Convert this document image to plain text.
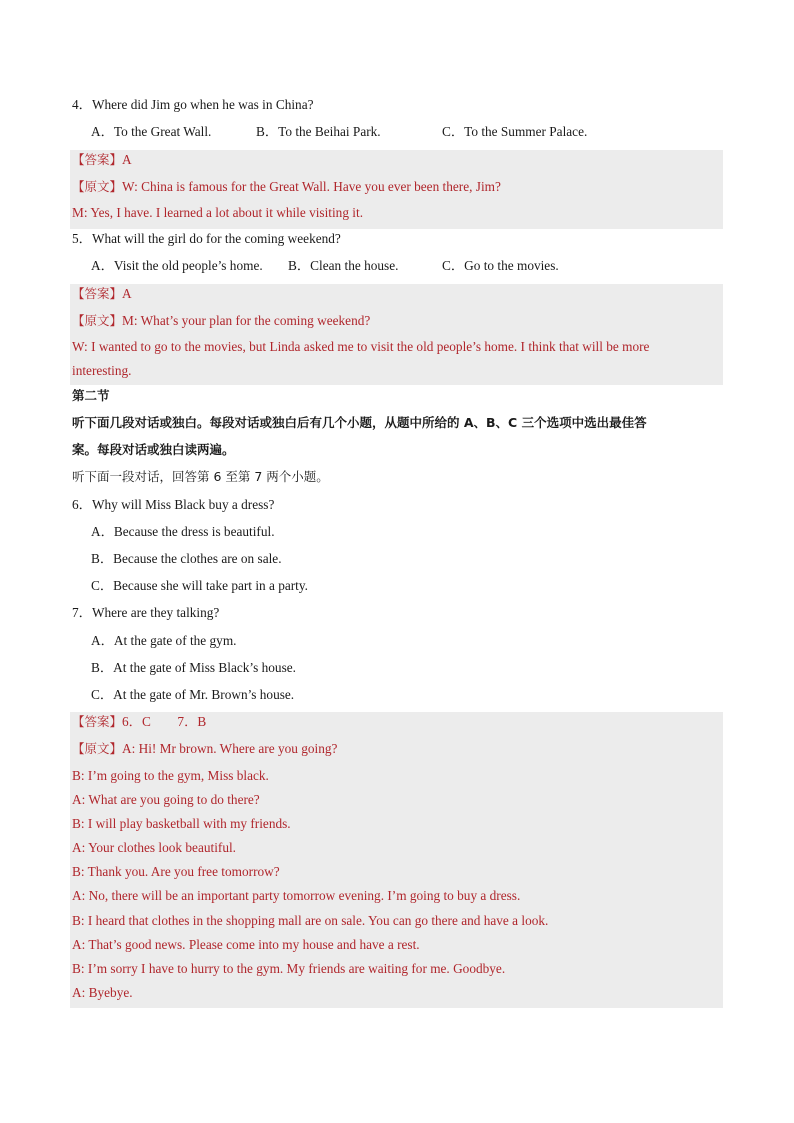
4．Where did Jim go when he was in China?
A．To the Great Wall.	B．To the Beihai Park.	C．To the Summer Palace.
【答案】A
【原文】W: China is famous for the Great Wall. Have you ever been there, Jim?
M: Yes, I have. I learned a lot about it while visiting it.
5．What will the girl do for the coming weekend?
A．Visit the old people’s home. B．Clean the house.	C．Go to the movies.
【答案】A
【原文】M: What’s your plan for the coming weekend?
W: I wanted to go to the movies, but Linda asked me to visit the old people’s home. I think that will be more
interesting.
第二节
听下面几段对话或独白。每段对话或独白后有几个小题，从题中所给的 A、B、C 三个选项中选出最佳答
案。每段对话或独白读两遍。
听下面一段对话，回答第 6 至第 7 两个小题。
6．Why will Miss Black buy a dress?
A．Because the dress is beautiful.
B．Because the clothes are on sale.
C．Because she will take part in a party.
7．Where are they talking?
A．At the gate of the gym.
B．At the gate of Miss Black’s house.
C．At the gate of Mr. Brown’s house.
【答案】6．C        7．B
【原文】A: Hi! Mr brown. Where are you going?
B: I’m going to the gym, Miss black.
A: What are you going to do there?
B: I will play basketball with my friends.
A: Your clothes look beautiful.
B: Thank you. Are you free tomorrow?
A: No, there will be an important party tomorrow evening. I’m going to buy a dress.
B: I heard that clothes in the shopping mall are on sale. You can go there and have a look.
A: That’s good news. Please come into my house and have a rest.
B: I’m sorry I have to hurry to the gym. My friends are waiting for me. Goodbye.
A: Byebye.
